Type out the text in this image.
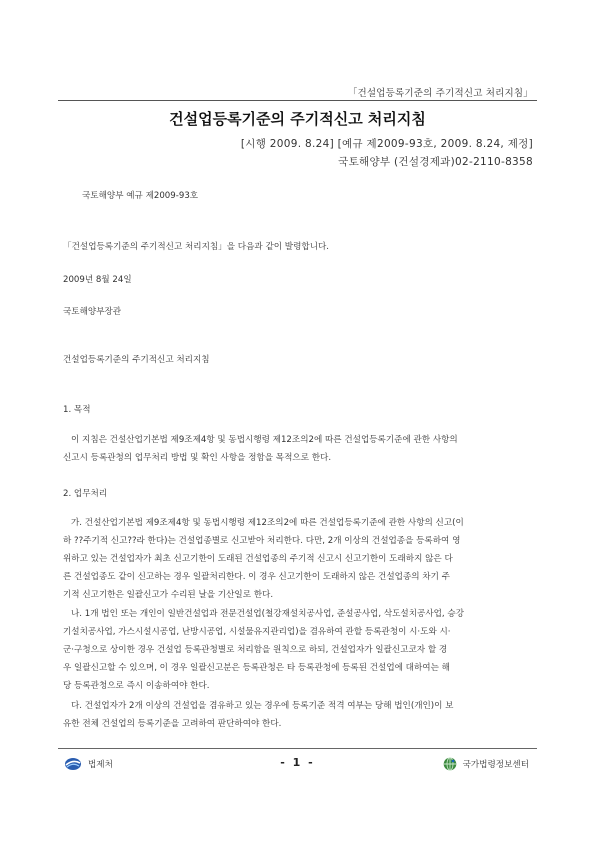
「건설업등록기준의 주기적신고 처리지침」
건설업등록기준의 주기적신고 처리지침
[시행 2009. 8.24] [예규 제2009-93호, 2009. 8.24, 제정]
국토해양부 (건설경제과)02-2110-8358
국토해양부 예규 제2009-93호
「건설업등록기준의 주기적신고 처리지침」을 다음과 같이 발령합니다.
2009년 8월 24일
국토해양부장관
건설업등록기준의 주기적신고 처리지침
1. 목적
이 지침은 건설산업기본법 제9조제4항 및 동법시행령 제12조의2에 따른 건설업등록기준에 관한 사항의
신고시 등록관청의 업무처리 방법 및 확인 사항을 정함을 목적으로 한다.
2. 업무처리
가. 건설산업기본법 제9조제4항 및 동법시행령 제12조의2에 따른 건설업등록기준에 관한 사항의 신고(이
하 ??주기적 신고??라 한다)는 건설업종별로 신고받아 처리한다. 다만, 2개 이상의 건설업종을 등록하여 영
위하고 있는 건설업자가 최초 신고기한이 도래된 건설업종의 주기적 신고시 신고기한이 도래하지 않은 다
른 건설업종도 같이 신고하는 경우 일괄처리한다. 이 경우 신고기한이 도래하지 않은 건설업종의 차기 주
기적 신고기한은 일괄신고가 수리된 날을 기산일로 한다.
나. 1개 법인 또는 개인이 일반건설업과 전문건설업(철강재설치공사업, 준설공사업, 삭도설치공사업, 승강
기설치공사업, 가스시설시공업, 난방시공업, 시설물유지관리업)을 겸유하여 관할 등록관청이 시·도와 시·
군·구청으로 상이한 경우 건설업 등록관청별로 처리함을 원칙으로 하되, 건설업자가 일괄신고코자 할 경
우 일괄신고할 수 있으며, 이 경우 일괄신고분은 등록관청은 타 등록관청에 등록된 건설업에 대하여는 해
당 등록관청으로 즉시 이송하여야 한다.
다. 건설업자가 2개 이상의 건설업을 겸유하고 있는 경우에 등록기준 적격 여부는 당해 법인(개인)이 보
유한 전체 건설업의 등록기준을 고려하여 판단하여야 한다.
법제처	- 1 -	국가법령정보센터
